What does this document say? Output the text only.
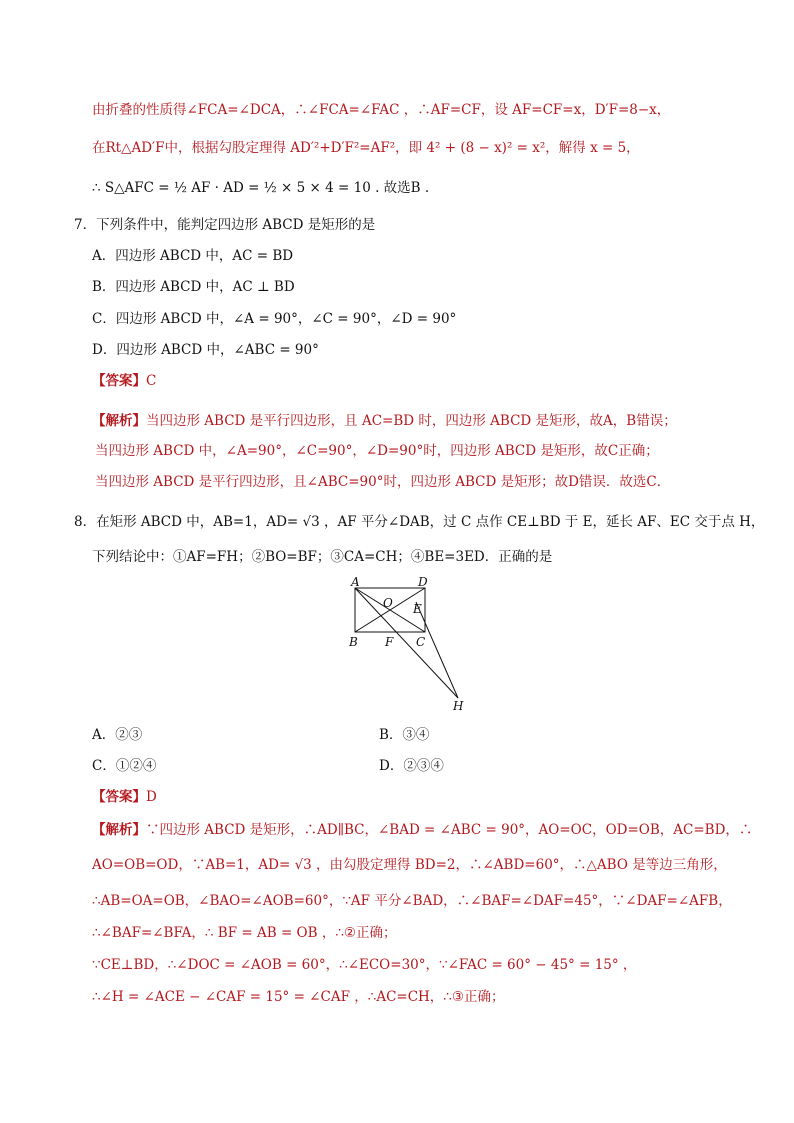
由折叠的性质得∠FCA=∠DCA，∴∠FCA=∠FAC ，∴AF=CF，设 AF=CF=x，D′F=8−x，
在Rt△AD′F中，根据勾股定理得 AD′²+D′F²=AF²，即 4² + (8 − x)² = x²，解得 x = 5，
∴ S△AFC = ½ AF · AD = ½ × 5 × 4 = 10 . 故选B .
7．下列条件中，能判定四边形 ABCD 是矩形的是
A．四边形 ABCD 中，AC = BD
B．四边形 ABCD 中，AC ⊥ BD
C．四边形 ABCD 中，∠A = 90°，∠C = 90°，∠D = 90°
D．四边形 ABCD 中，∠ABC = 90°
【答案】C
【解析】当四边形 ABCD 是平行四边形，且 AC=BD 时，四边形 ABCD 是矩形，故A，B错误；
当四边形 ABCD 中，∠A=90°，∠C=90°，∠D=90°时，四边形 ABCD 是矩形，故C正确；
当四边形 ABCD 是平行四边形，且∠ABC=90°时，四边形 ABCD 是矩形；故D错误．故选C．
8．在矩形 ABCD 中，AB=1，AD= √3 ，AF 平分∠DAB，过 C 点作 CE⊥BD 于 E，延长 AF、EC 交于点 H，
下列结论中：①AF=FH；②BO=BF；③CA=CH；④BE=3ED．正确的是
A	D
O E
B F C
H
A．②③	B．③④
C．①②④	D．②③④
【答案】D
【解析】∵四边形 ABCD 是矩形，∴AD∥BC，∠BAD = ∠ABC = 90°，AO=OC，OD=OB，AC=BD，∴
AO=OB=OD，∵AB=1，AD= √3 ，由勾股定理得 BD=2，∴∠ABD=60°，∴△ABO 是等边三角形，
∴AB=OA=OB，∠BAO=∠AOB=60°，∵AF 平分∠BAD，∴∠BAF=∠DAF=45°，∵∠DAF=∠AFB，
∴∠BAF=∠BFA，∴ BF = AB = OB ，∴②正确；
∵CE⊥BD，∴∠DOC = ∠AOB = 60°，∴∠ECO=30°，∵∠FAC = 60° − 45° = 15° ，
∴∠H = ∠ACE − ∠CAF = 15° = ∠CAF ，∴AC=CH，∴③正确；
